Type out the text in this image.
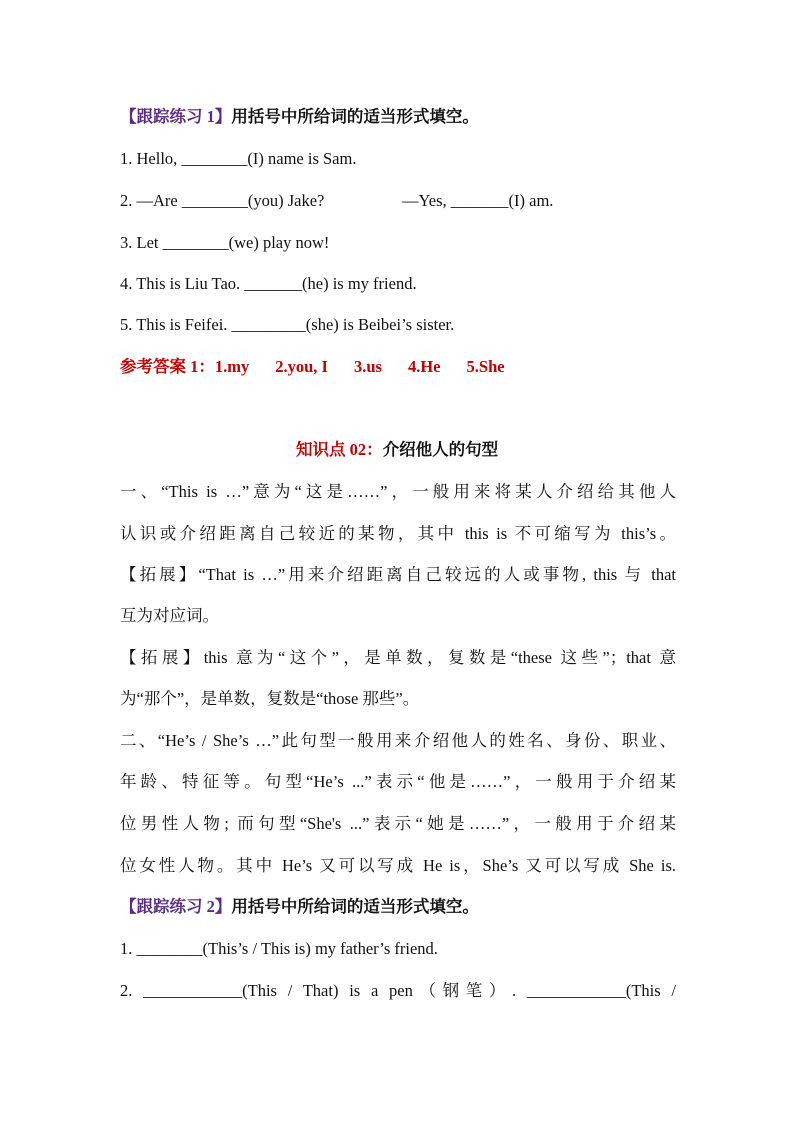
【跟踪练习 1】用括号中所给词的适当形式填空。
1. Hello, ________(I) name is Sam.
2. —Are ________(you) Jake?	—Yes, _______(I) am.
3. Let ________(we) play now!
4. This is Liu Tao. _______(he) is my friend.
5. This is Feifei. _________(she) is Beibei’s sister.
参考答案 1：1.my 2.you, I 3.us 4.He 5.She
知识点 02：介绍他人的句型
一、“This is …”意为“这是……”，一般用来将某人介绍给其他人
认识或介绍距离自己较近的某物，其中 this is 不可缩写为 this’s。
【拓展】“That is …”用来介绍距离自己较远的人或事物, this 与 that
互为对应词。
【拓展】this 意为“这个”，是单数，复数是“these 这些”；that 意
为“那个”，是单数，复数是“those 那些”。
二、“He’s / She’s …”此句型一般用来介绍他人的姓名、身份、职业、
年龄、特征等。句型“He’s ...”表示“他是……”，一般用于介绍某
位男性人物; 而句型“She's ...”表示“她是……”，一般用于介绍某
位女性人物。其中 He’s 又可以写成 He is，She’s 又可以写成 She is.
【跟踪练习 2】用括号中所给词的适当形式填空。
1. ________(This’s / This is) my father’s friend.
2. ____________(This / That) is a pen（钢笔）. ____________(This /
